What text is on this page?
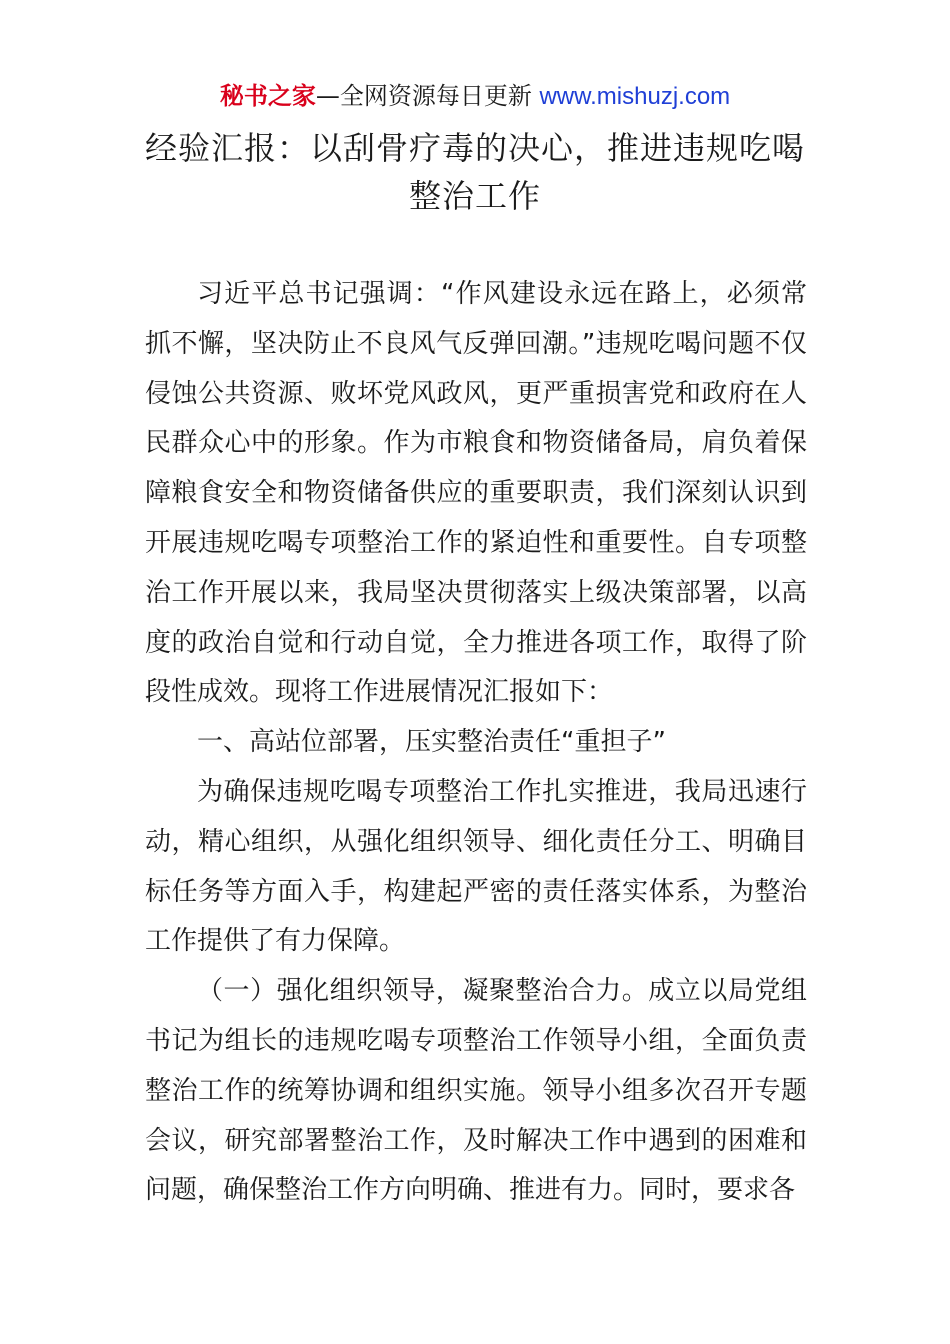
秘书之家—全网资源每日更新 www.mishuzj.com
经验汇报：以刮骨疗毒的决心，推进违规吃喝整治工作

习近平总书记强调：“作风建设永远在路上，必须常抓不懈，坚决防止不良风气反弹回潮。”违规吃喝问题不仅侵蚀公共资源、败坏党风政风，更严重损害党和政府在人民群众心中的形象。作为市粮食和物资储备局，肩负着保障粮食安全和物资储备供应的重要职责，我们深刻认识到开展违规吃喝专项整治工作的紧迫性和重要性。自专项整治工作开展以来，我局坚决贯彻落实上级决策部署，以高度的政治自觉和行动自觉，全力推进各项工作，取得了阶段性成效。现将工作进展情况汇报如下：

一、高站位部署，压实整治责任“重担子”

为确保违规吃喝专项整治工作扎实推进，我局迅速行动，精心组织，从强化组织领导、细化责任分工、明确目标任务等方面入手，构建起严密的责任落实体系，为整治工作提供了有力保障。

（一）强化组织领导，凝聚整治合力。成立以局党组书记为组长的违规吃喝专项整治工作领导小组，全面负责整治工作的统筹协调和组织实施。领导小组多次召开专题会议，研究部署整治工作，及时解决工作中遇到的困难和问题，确保整治工作方向明确、推进有力。同时，要求各
